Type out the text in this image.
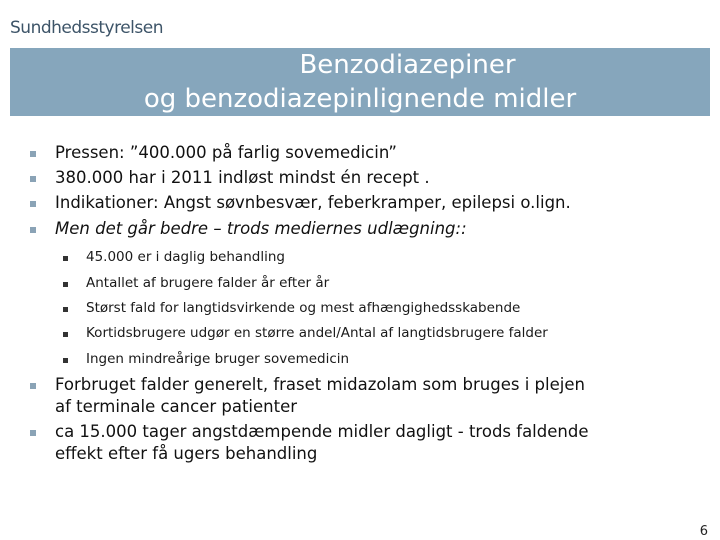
Sundhedsstyrelsen
Benzodiazepiner
og benzodiazepinlignende midler
Pressen: ”400.000 på farlig sovemedicin”
380.000 har i 2011 indløst mindst én recept .
Indikationer: Angst søvnbesvær, feberkramper, epilepsi o.lign.
Men det går bedre – trods mediernes udlægning::
45.000 er i daglig behandling
Antallet af brugere falder år efter år
Størst fald for langtidsvirkende og mest afhængighedsskabende
Kortidsbrugere udgør en større andel/Antal af langtidsbrugere falder
Ingen mindreårige bruger sovemedicin
Forbruget falder generelt, fraset midazolam som bruges i plejen
af terminale cancer patienter
ca 15.000 tager angstdæmpende midler dagligt - trods faldende
effekt efter få ugers behandling
6
